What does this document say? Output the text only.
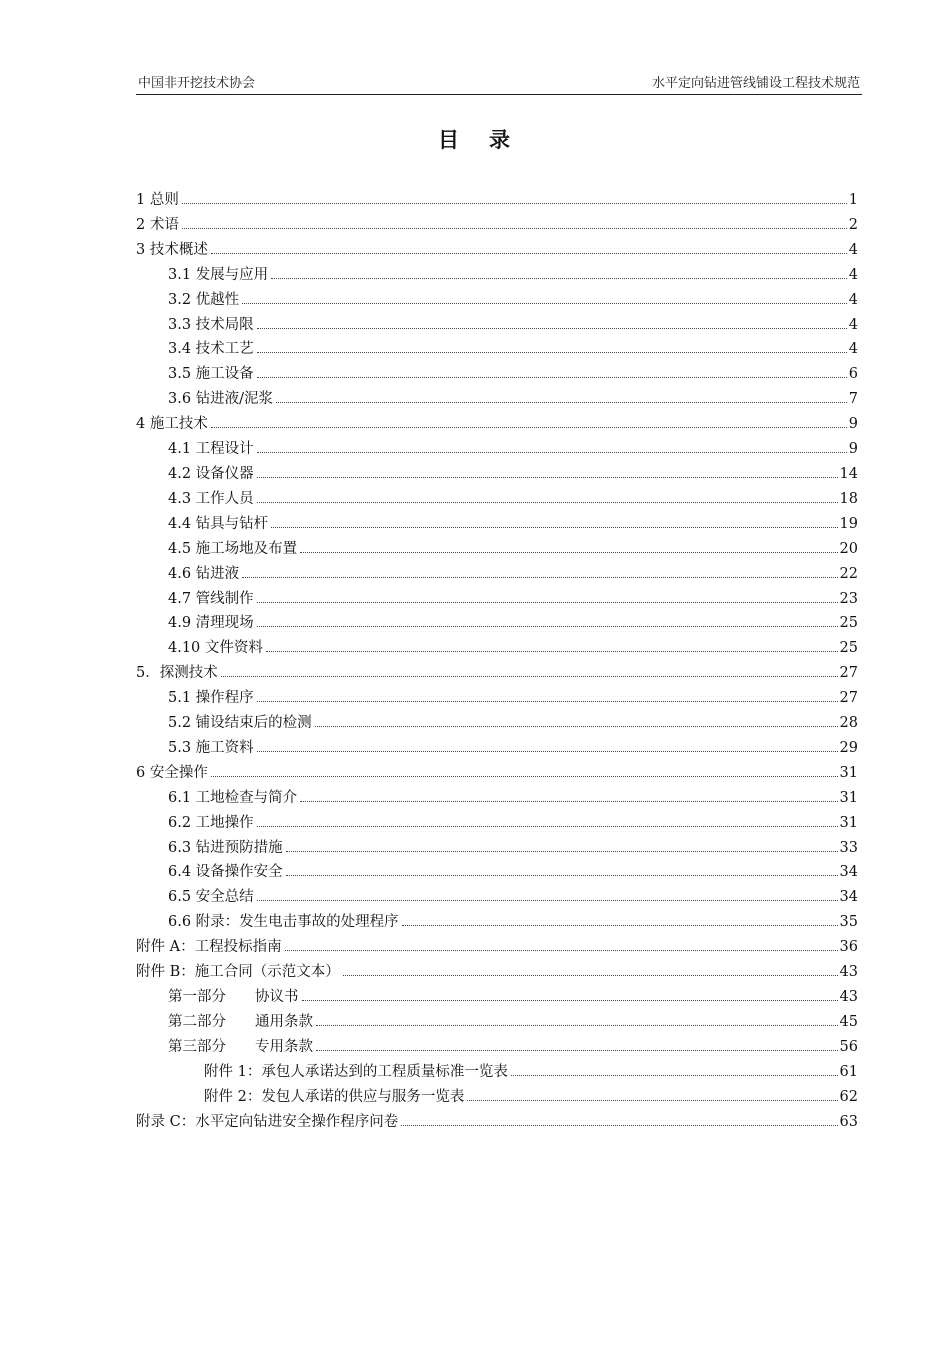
中国非开挖技术协会	水平定向钻进管线铺设工程技术规范
目 录
1 总则	1
2 术语	2
3 技术概述	4
3.1 发展与应用	4
3.2 优越性	4
3.3 技术局限	4
3.4 技术工艺	4
3.5 施工设备	6
3.6 钻进液/泥浆	7
4 施工技术	9
4.1 工程设计	9
4.2 设备仪器	14
4.3 工作人员	18
4.4 钻具与钻杆	19
4.5 施工场地及布置	20
4.6 钻进液	22
4.7 管线制作	23
4.9 清理现场	25
4.10 文件资料	25
5．探测技术	27
5.1 操作程序	27
5.2 铺设结束后的检测	28
5.3 施工资料	29
6 安全操作	31
6.1 工地检查与简介	31
6.2 工地操作	31
6.3 钻进预防措施	33
6.4 设备操作安全	34
6.5 安全总结	34
6.6 附录：发生电击事故的处理程序	35
附件 A：工程投标指南	36
附件 B：施工合同（示范文本）	43
第一部分　　协议书	43
第二部分　　通用条款	45
第三部分　　专用条款	56
附件 1：承包人承诺达到的工程质量标准一览表	61
附件 2：发包人承诺的供应与服务一览表	62
附录 C：水平定向钻进安全操作程序问卷	63
